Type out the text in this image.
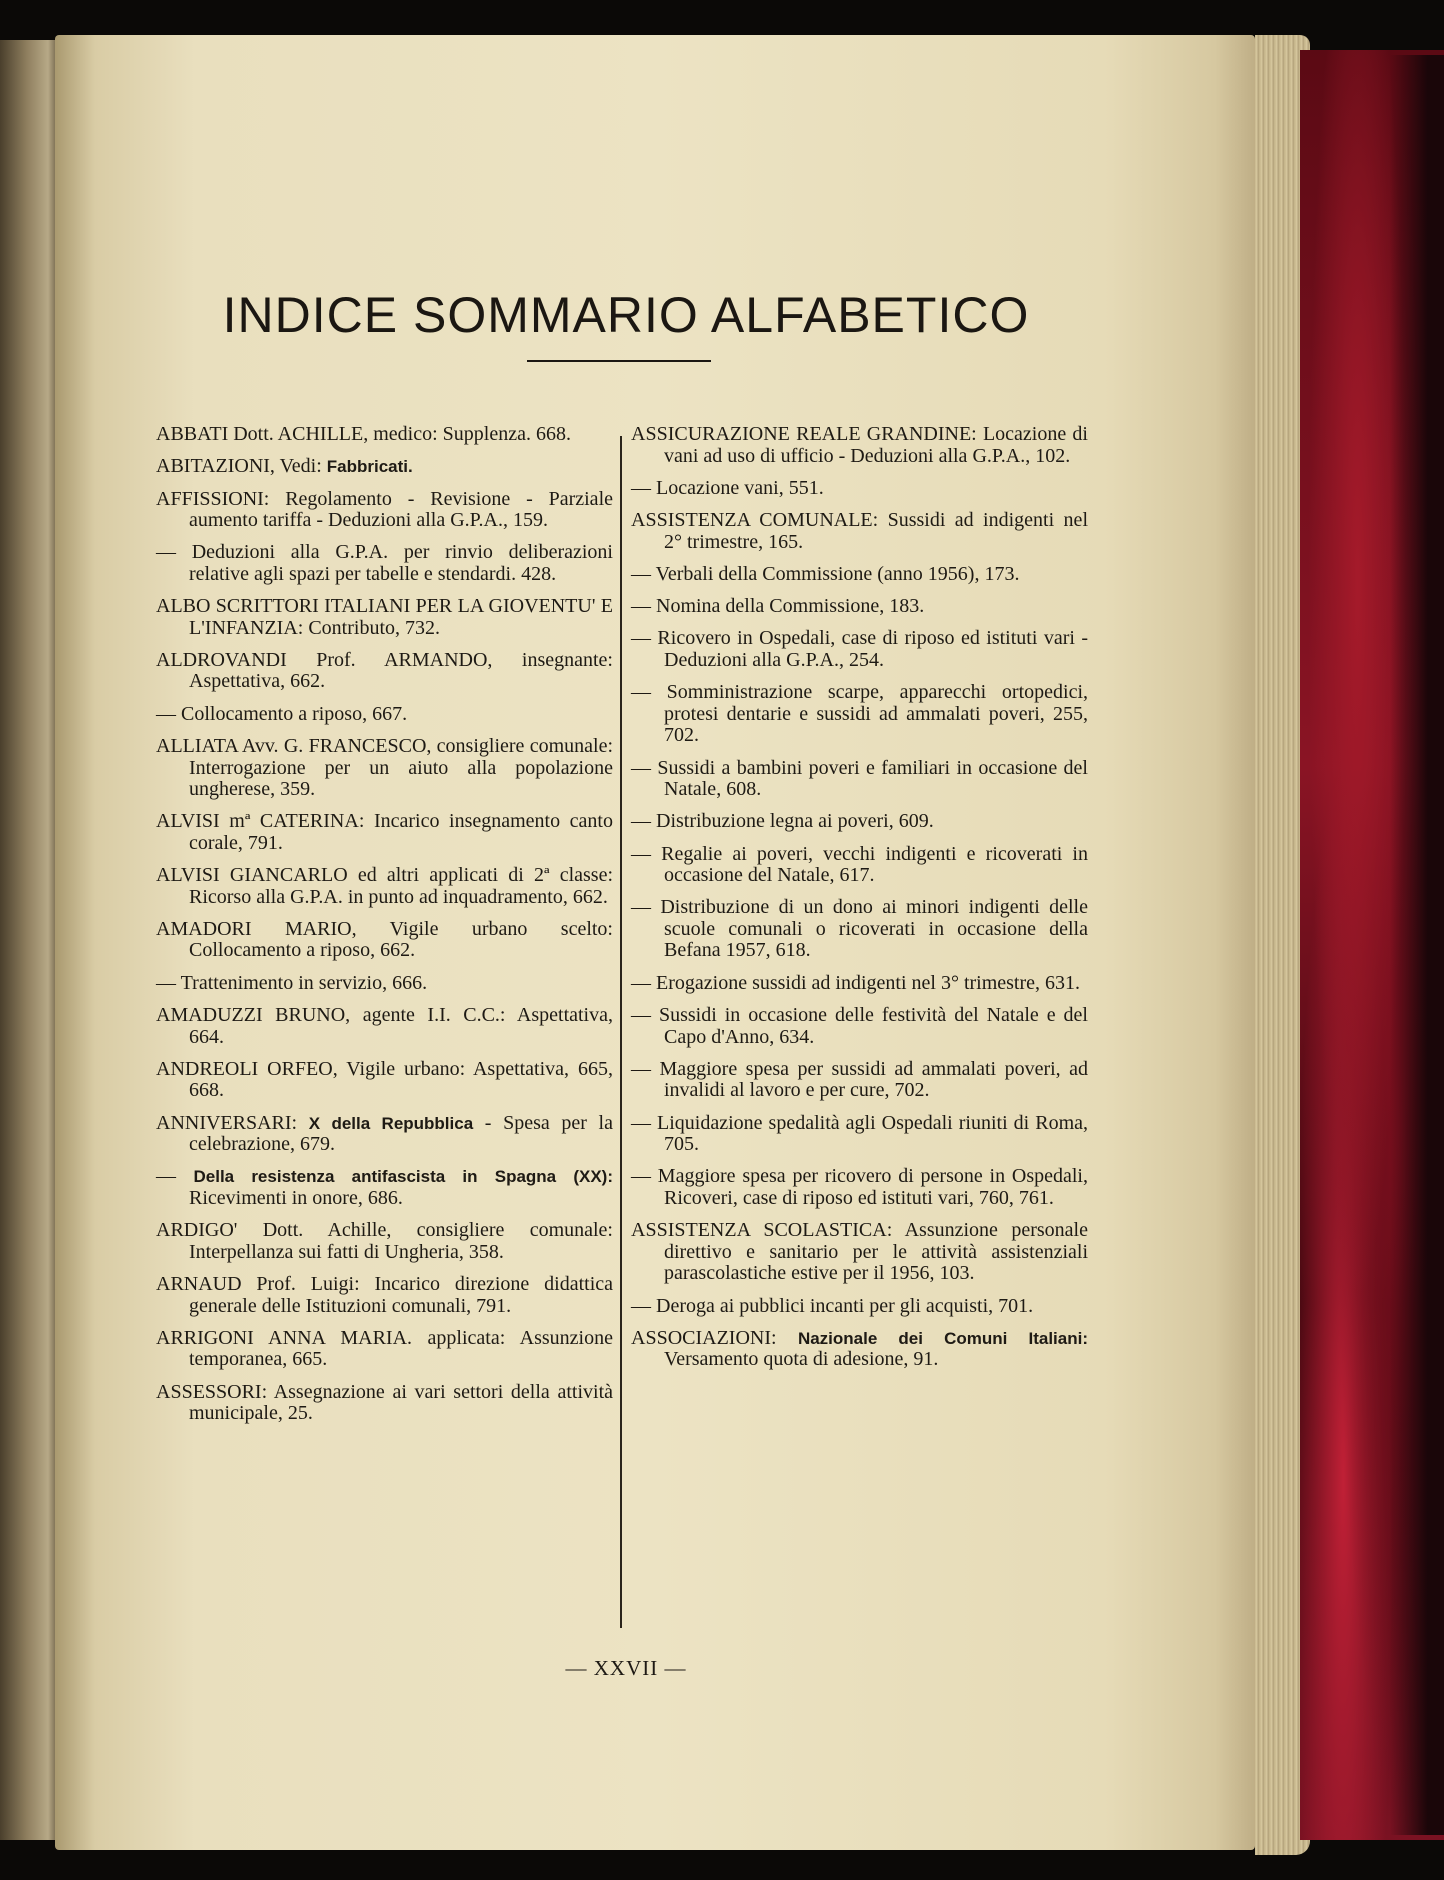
INDICE SOMMARIO ALFABETICO

ABBATI Dott. ACHILLE, medico: Supplenza. 668.

ABITAZIONI, Vedi: Fabbricati.

AFFISSIONI: Regolamento - Revisione - Parziale aumento tariffa - Deduzioni alla G.P.A., 159.

— Deduzioni alla G.P.A. per rinvio deliberazioni relative agli spazi per tabelle e stendardi. 428.

ALBO SCRITTORI ITALIANI PER LA GIOVENTU' E L'INFANZIA: Contributo, 732.

ALDROVANDI Prof. ARMANDO, insegnante: Aspettativa, 662.

— Collocamento a riposo, 667.

ALLIATA Avv. G. FRANCESCO, consigliere comunale: Interrogazione per un aiuto alla popolazione ungherese, 359.

ALVISI mª CATERINA: Incarico insegnamento canto corale, 791.

ALVISI GIANCARLO ed altri applicati di 2ª classe: Ricorso alla G.P.A. in punto ad inquadramento, 662.

AMADORI MARIO, Vigile urbano scelto: Collocamento a riposo, 662.

— Trattenimento in servizio, 666.

AMADUZZI BRUNO, agente I.I. C.C.: Aspettativa, 664.

ANDREOLI ORFEO, Vigile urbano: Aspettativa, 665, 668.

ANNIVERSARI: X della Repubblica - Spesa per la celebrazione, 679.

— Della resistenza antifascista in Spagna (XX): Ricevimenti in onore, 686.

ARDIGO' Dott. Achille, consigliere comunale: Interpellanza sui fatti di Ungheria, 358.

ARNAUD Prof. Luigi: Incarico direzione didattica generale delle Istituzioni comunali, 791.

ARRIGONI ANNA MARIA. applicata: Assunzione temporanea, 665.

ASSESSORI: Assegnazione ai vari settori della attività municipale, 25.

ASSICURAZIONE REALE GRANDINE: Locazione di vani ad uso di ufficio - Deduzioni alla G.P.A., 102.

— Locazione vani, 551.

ASSISTENZA COMUNALE: Sussidi ad indigenti nel 2° trimestre, 165.

— Verbali della Commissione (anno 1956), 173.

— Nomina della Commissione, 183.

— Ricovero in Ospedali, case di riposo ed istituti vari - Deduzioni alla G.P.A., 254.

— Somministrazione scarpe, apparecchi ortopedici, protesi dentarie e sussidi ad ammalati poveri, 255, 702.

— Sussidi a bambini poveri e familiari in occasione del Natale, 608.

— Distribuzione legna ai poveri, 609.

— Regalie ai poveri, vecchi indigenti e ricoverati in occasione del Natale, 617.

— Distribuzione di un dono ai minori indigenti delle scuole comunali o ricoverati in occasione della Befana 1957, 618.

— Erogazione sussidi ad indigenti nel 3° trimestre, 631.

— Sussidi in occasione delle festività del Natale e del Capo d'Anno, 634.

— Maggiore spesa per sussidi ad ammalati poveri, ad invalidi al lavoro e per cure, 702.

— Liquidazione spedalità agli Ospedali riuniti di Roma, 705.

— Maggiore spesa per ricovero di persone in Ospedali, Ricoveri, case di riposo ed istituti vari, 760, 761.

ASSISTENZA SCOLASTICA: Assunzione personale direttivo e sanitario per le attività assistenziali parascolastiche estive per il 1956, 103.

— Deroga ai pubblici incanti per gli acquisti, 701.

ASSOCIAZIONI: Nazionale dei Comuni Italiani: Versamento quota di adesione, 91.

— XXVII —
